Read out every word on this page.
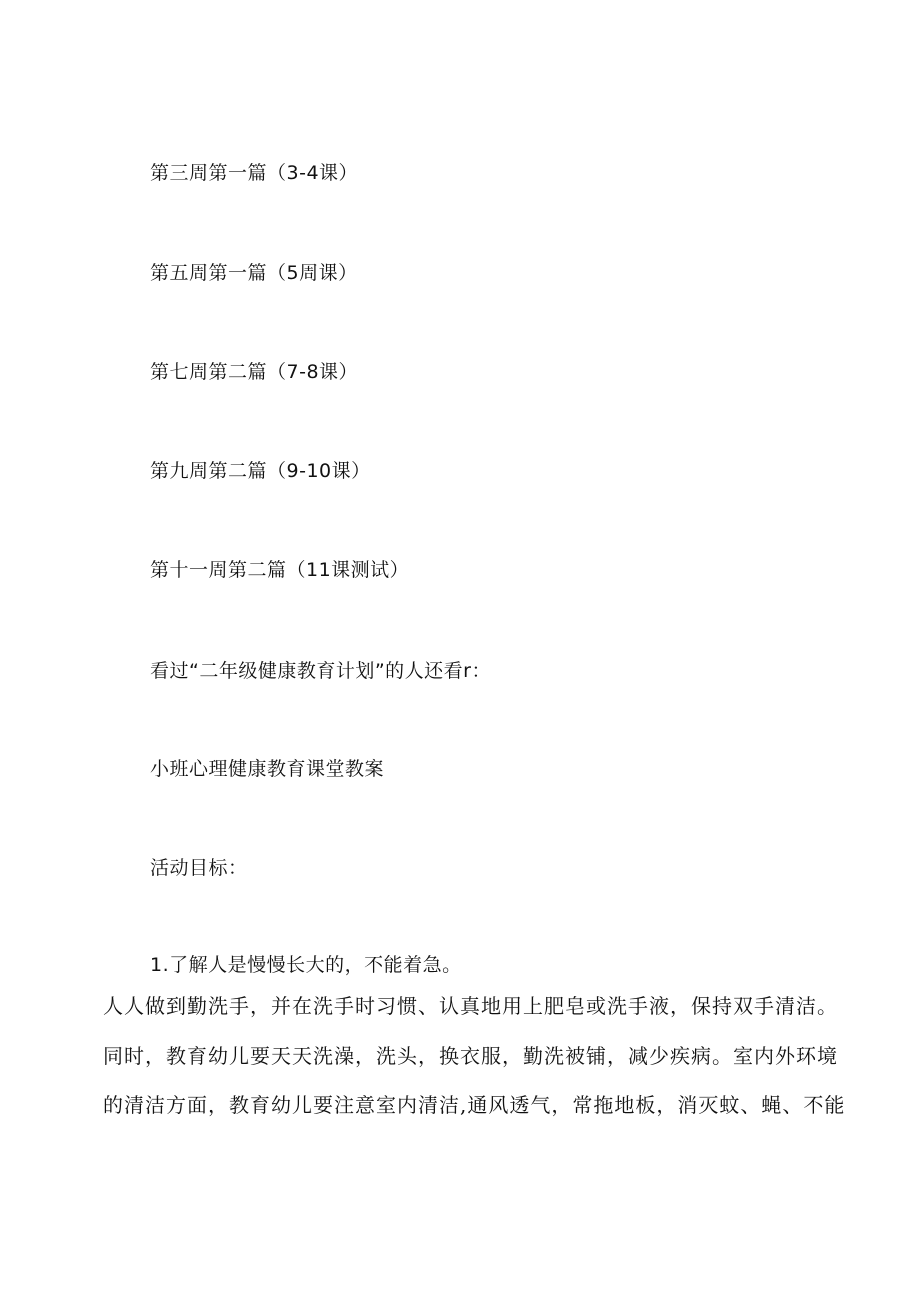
第三周第一篇（3-4课）
第五周第一篇（5周课）
第七周第二篇（7-8课）
第九周第二篇（9-10课）
第十一周第二篇（11课测试）
看过“二年级健康教育计划”的人还看r：
小班心理健康教育课堂教案
活动目标：
1.了解人是慢慢长大的，不能着急。
人人做到勤洗手，并在洗手时习惯、认真地用上肥皂或洗手液，保持双手清洁。
同时，教育幼儿要天天洗澡，洗头，换衣服，勤洗被铺，减少疾病。室内外环境
的清洁方面，教育幼儿要注意室内清洁,通风透气，常拖地板，消灭蚊、蝇、不能
